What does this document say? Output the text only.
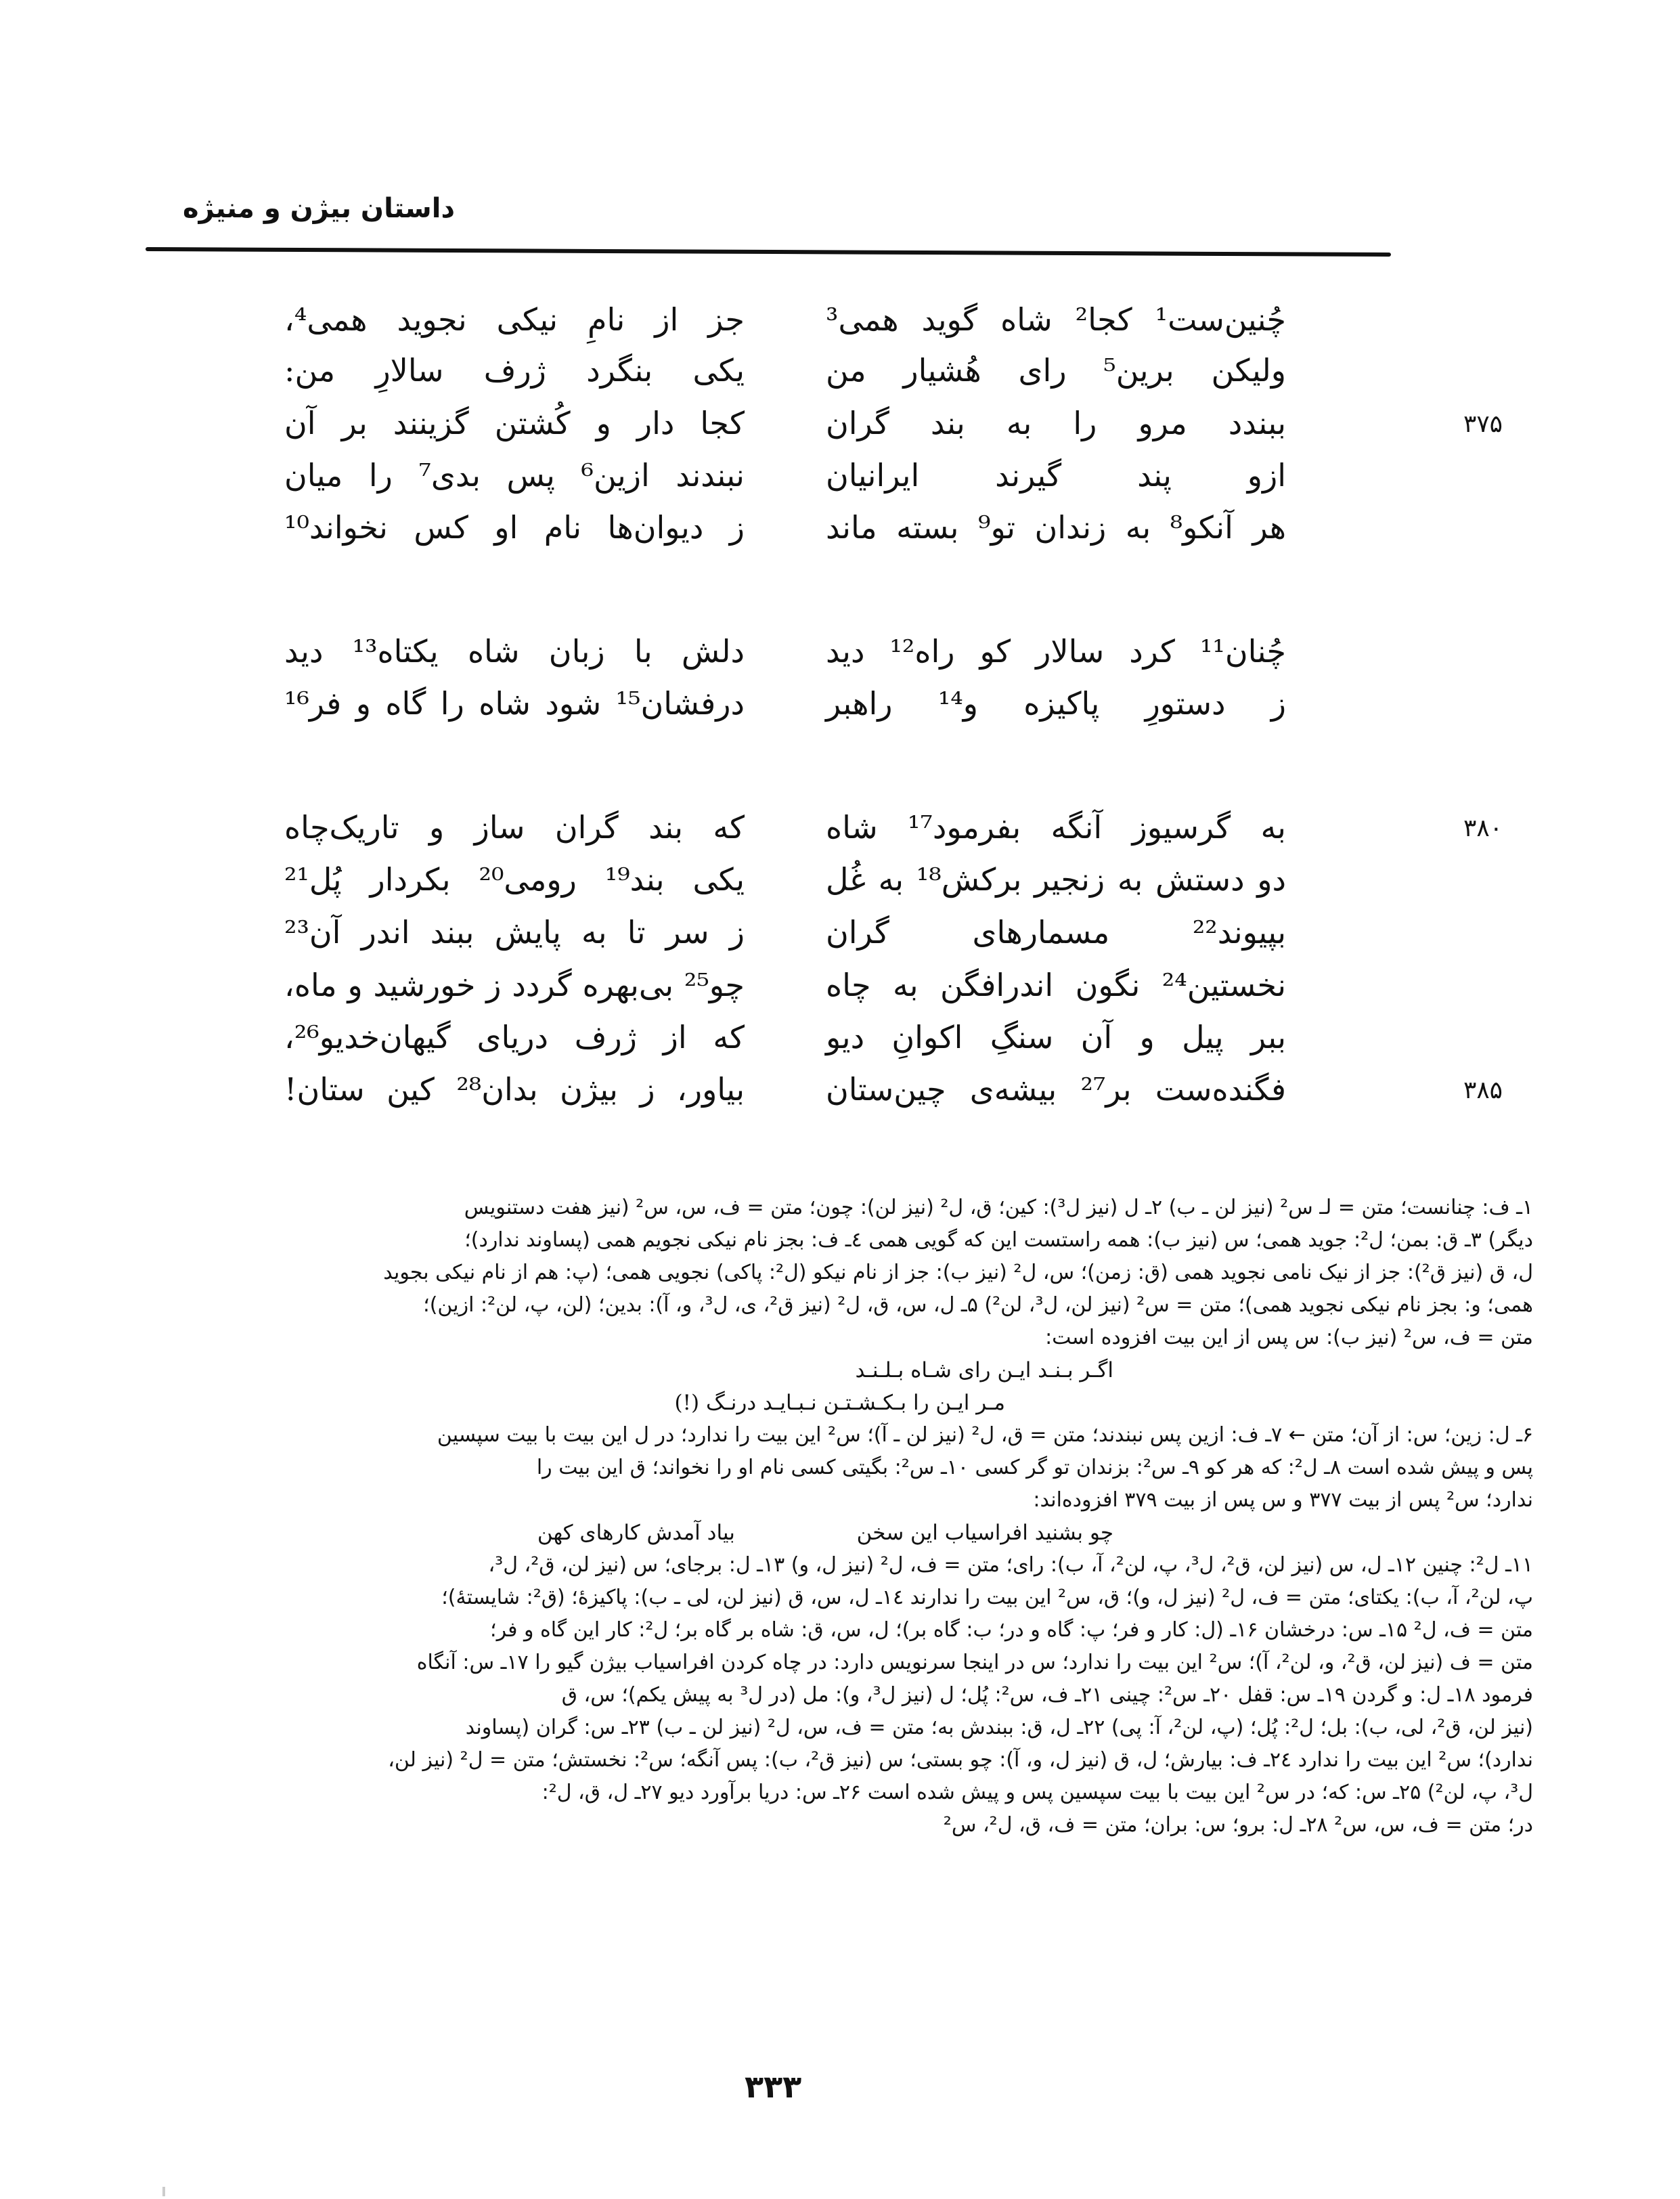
داستان بیژن و منیژه
چُنین‌ست¹ کجا² شاه گوید همی³
جز از نامِ نیکی نجوید همی⁴،
ولیکن برین⁵ رای هُشیار من
یکی بنگرد ژرف سالارِ من:
۳۷۵
ببندد مرو را به بند گران
کجا دار و کُشتن گزینند بر آن
ازو پند گیرند ایرانیان
نبندند ازین⁶ پس بدی⁷ را میان
هر آنکو⁸ به زندان تو⁹ بسته ماند
ز دیوان‌ها نام او کس نخواند¹⁰
چُنان¹¹ کرد سالار کو راه¹² دید
دلش با زبان شاه یکتاه¹³ دید
ز دستورِ پاکیزه و¹⁴ راهبر
درفشان¹⁵ شود شاه را گاه و فر¹⁶
۳۸۰
به گرسیوز آنگه بفرمود¹⁷ شاه
که بند گران ساز و تاریک‌چاه
دو دستش به زنجیر برکش¹⁸ به غُل
یکی بند¹⁹ رومی²⁰ بکردار پُل²¹
بپیوند²² مسمارهای گران
ز سر تا به پایش ببند اندر آن²³
نخستین²⁴ نگون اندرافگن به چاه
چو²⁵ بی‌بهره گردد ز خورشید و ماه،
ببر پیل و آن سنگِ اکوانِ دیو
که از ژرف دریای گیهان‌خدیو²⁶،
۳۸۵
فگنده‌ست بر²⁷ بیشه‌ی چین‌ستان
بیاور، ز بیژن بدان²⁸ کین ستان!
۱ـ ف: چنانست؛ متن = لـ س² (نیز لن ـ ب) ۲ـ ل (نیز ل³): کین؛ ق، ل² (نیز لن): چون؛ متن = ف، س، س² (نیز هفت دستنویس
دیگر) ۳ـ ق: بمن؛ ل²: جوید همی؛ س (نیز ب): همه راستست این که گویی همی ٤ـ ف: بجز نام نیکی نجویم همی (پساوند ندارد)؛
ل، ق (نیز ق²): جز از نیک نامی نجوید همی (ق: زمن)؛ س، ل² (نیز ب): جز از نام نیکو (ل²: پاکی) نجویی همی؛ (پ: هم از نام نیکی بجوید
همی؛ و: بجز نام نیکی نجوید همی)؛ متن = س² (نیز لن، ل³، لن²) ۵ـ ل، س، ق، ل² (نیز ق²، ی، ل³، و، آ): بدین؛ (لن، پ، لن²: ازین)؛
متن = ف، س² (نیز ب): س پس از این بیت افزوده است:
اگـر بـنـد ایـن رای شـاه بـلـنـد
مـر ایـن را بـکـشـتـن نـبـایـد درنـگ (!)
۶ـ ل: زین؛ س: از آن؛ متن ← ۷ـ ف: ازین پس نبندند؛ متن = ق، ل² (نیز لن ـ آ)؛ س² این بیت را ندارد؛ در ل این بیت با بیت سپسین
پس و پیش شده است ۸ـ ل²: که هر کو ۹ـ س²: بزندان تو گر کسی ۱۰ـ س²: بگیتی کسی نام او را نخواند؛ ق این بیت را
ندارد؛ س² پس از بیت ۳۷۷ و س پس از بیت ۳۷۹ افزوده‌اند:
چو بشنید افراسیاب این سخن  بیاد آمدش کارهای کهن
۱۱ـ ل²: چنین ۱۲ـ ل، س (نیز لن، ق²، ل³، پ، لن²، آ، ب): رای؛ متن = ف، ل² (نیز ل، و) ۱۳ـ ل: برجای؛ س (نیز لن، ق²، ل³،
پ، لن²، آ، ب): یکتای؛ متن = ف، ل² (نیز ل، و)؛ ق، س² این بیت را ندارند ۱٤ـ ل، س، ق (نیز لن، لی ـ ب): پاکیزهٔ؛ (ق²: شایستهٔ)؛
متن = ف، ل² ۱۵ـ س: درخشان ۱۶ـ (ل: کار و فر؛ پ: گاه و در؛ ب: گاه بر)؛ ل، س، ق: شاه بر گاه بر؛ ل²: کار این گاه و فر؛
متن = ف (نیز لن، ق²، و، لن²، آ)؛ س² این بیت را ندارد؛ س در اینجا سرنویس دارد: در چاه کردن افراسیاب بیژن گیو را ۱۷ـ س: آنگاه
فرمود ۱۸ـ ل: و گردن ۱۹ـ س: قفل ۲۰ـ س²: چینی ۲۱ـ ف، س²: پُل؛ ل (نیز ل³، و): مل (در ل³ به پیش یکم)؛ س، ق
(نیز لن، ق²، لی، ب): بل؛ ل²: پُل؛ (پ، لن²، آ: پی) ۲۲ـ ل، ق: ببندش به؛ متن = ف، س، ل² (نیز لن ـ ب) ۲۳ـ س: گران (پساوند
ندارد)؛ س² این بیت را ندارد ۲٤ـ ف: بیارش؛ ل، ق (نیز ل، و، آ): چو بستی؛ س (نیز ق²، ب): پس آنگه؛ س²: نخستش؛ متن = ل² (نیز لن،
ل³، پ، لن²) ۲۵ـ س: که؛ در س² این بیت با بیت سپسین پس و پیش شده است ۲۶ـ س: دریا برآورد دیو ۲۷ـ ل، ق، ل²:
در؛ متن = ف، س، س² ۲۸ـ ل: برو؛ س: بران؛ متن = ف، ق، ل²، س²
۳۳۳
